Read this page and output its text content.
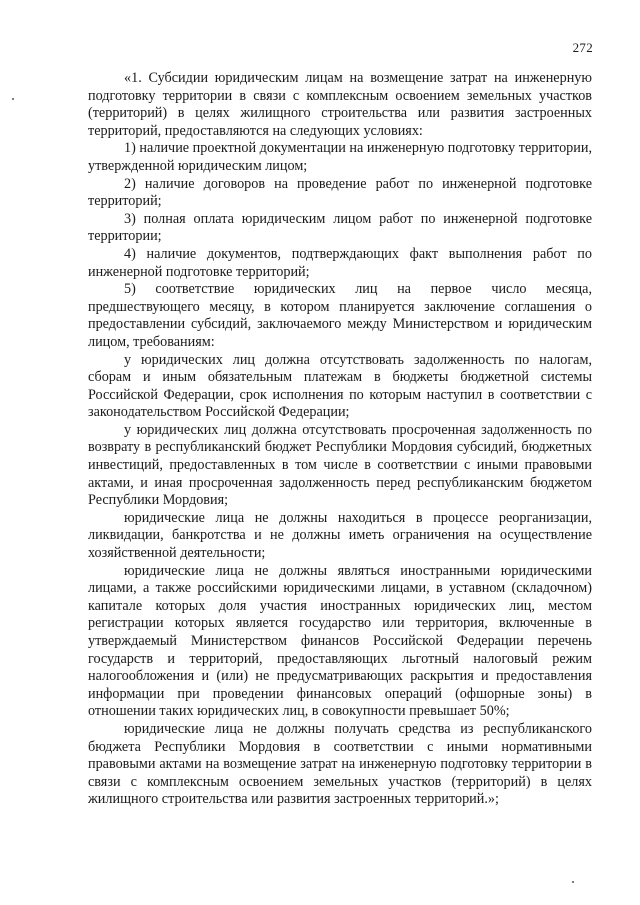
272

«1. Субсидии юридическим лицам на возмещение затрат на инженерную подготовку территории в связи с комплексным освоением земельных участков (территорий) в целях жилищного строительства или развития застроенных территорий, предоставляются на следующих условиях:

1) наличие проектной документации на инженерную подготовку территории, утвержденной юридическим лицом;

2) наличие договоров на проведение работ по инженерной подготовке территорий;

3) полная оплата юридическим лицом работ по инженерной подготовке территории;

4) наличие документов, подтверждающих факт выполнения работ по инженерной подготовке территорий;

5) соответствие юридических лиц на первое число месяца, предшествующего месяцу, в котором планируется заключение соглашения о предоставлении субсидий, заключаемого между Министерством и юридическим лицом, требованиям:

у юридических лиц должна отсутствовать задолженность по налогам, сборам и иным обязательным платежам в бюджеты бюджетной системы Российской Федерации, срок исполнения по которым наступил в соответствии с законодательством Российской Федерации;

у юридических лиц должна отсутствовать просроченная задолженность по возврату в республиканский бюджет Республики Мордовия субсидий, бюджетных инвестиций, предоставленных в том числе в соответствии с иными правовыми актами, и иная просроченная задолженность перед республиканским бюджетом Республики Мордовия;

юридические лица не должны находиться в процессе реорганизации, ликвидации, банкротства и не должны иметь ограничения на осуществление хозяйственной деятельности;

юридические лица не должны являться иностранными юридическими лицами, а также российскими юридическими лицами, в уставном (складочном) капитале которых доля участия иностранных юридических лиц, местом регистрации которых является государство или территория, включенные в утверждаемый Министерством финансов Российской Федерации перечень государств и территорий, предоставляющих льготный налоговый режим налогообложения и (или) не предусматривающих раскрытия и предоставления информации при проведении финансовых операций (офшорные зоны) в отношении таких юридических лиц, в совокупности превышает 50%;

юридические лица не должны получать средства из республиканского бюджета Республики Мордовия в соответствии с иными нормативными правовыми актами на возмещение затрат на инженерную подготовку территории в связи с комплексным освоением земельных участков (территорий) в целях жилищного строительства или развития застроенных территорий.»;
